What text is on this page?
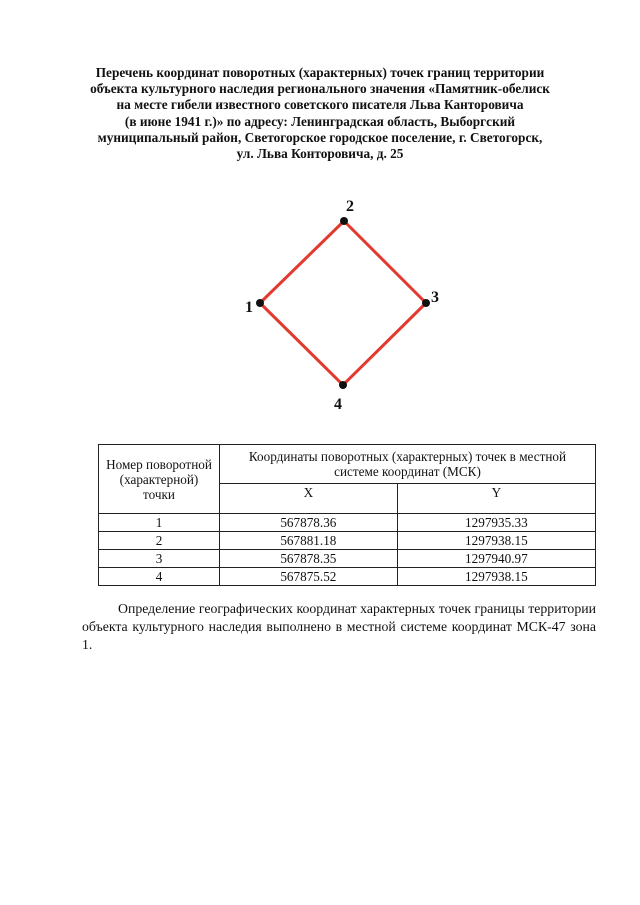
Перечень координат поворотных (характерных) точек границ территории
объекта культурного наследия регионального значения «Памятник-обелиск
на месте гибели известного советского писателя Льва Канторовича
(в июне 1941 г.)» по адресу: Ленинградская область, Выборгский
муниципальный район, Светогорское городское поселение, г. Светогорск,
ул. Льва Конторовича, д. 25
1
2
3
4
Номер поворотной (характерной) точки	Координаты поворотных (характерных) точек в местной системе координат (МСК)	
	X	Y
1	567878.36	1297935.33
2	567881.18	1297938.15
3	567878.35	1297940.97
4	567875.52	1297938.15
Определение географических координат характерных точек границы территории объекта культурного наследия выполнено в местной системе координат МСК-47 зона 1.
